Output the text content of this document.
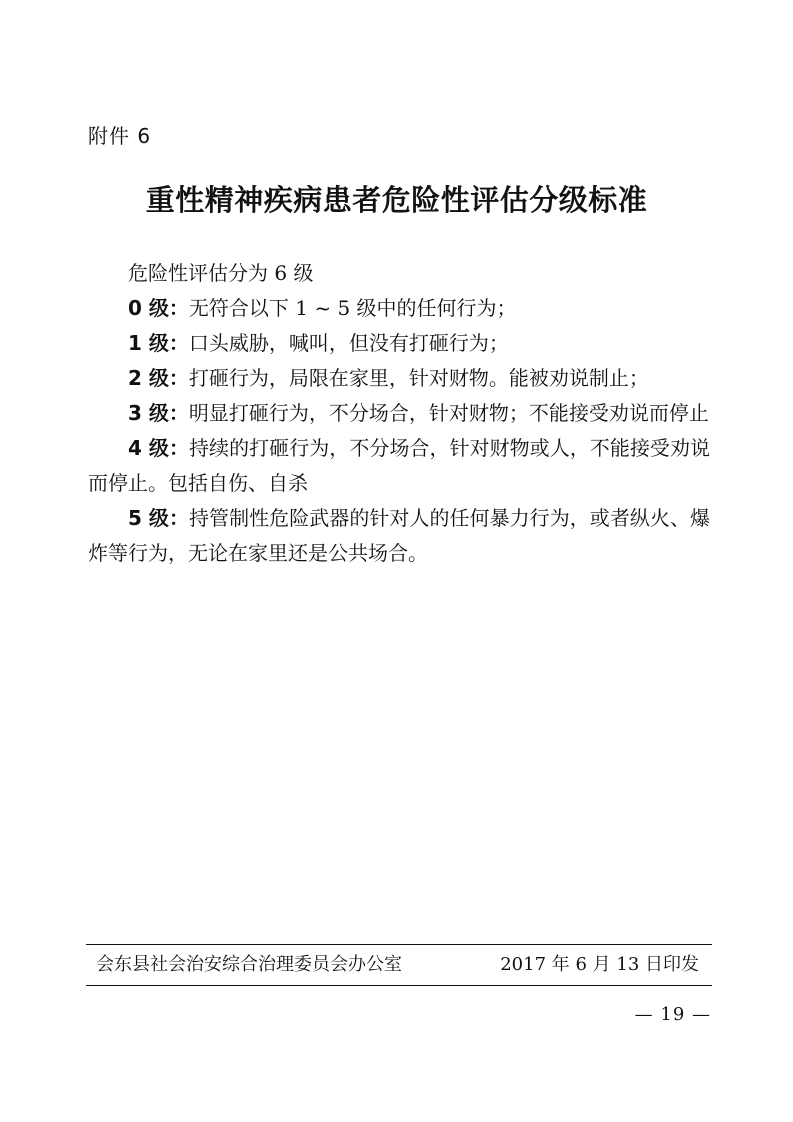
附件 6
重性精神疾病患者危险性评估分级标准

危险性评估分为 6 级

0 级：无符合以下 1 ~ 5 级中的任何行为；

1 级：口头威胁，喊叫，但没有打砸行为；

2 级：打砸行为，局限在家里，针对财物。能被劝说制止；

3 级：明显打砸行为，不分场合，针对财物；不能接受劝说而停止

4 级：持续的打砸行为，不分场合，针对财物或人，不能接受劝说而停止。包括自伤、自杀

5 级：持管制性危险武器的针对人的任何暴力行为，或者纵火、爆炸等行为，无论在家里还是公共场合。

会东县社会治安综合治理委员会办公室	2017 年 6 月 13 日印发
— 19 —
